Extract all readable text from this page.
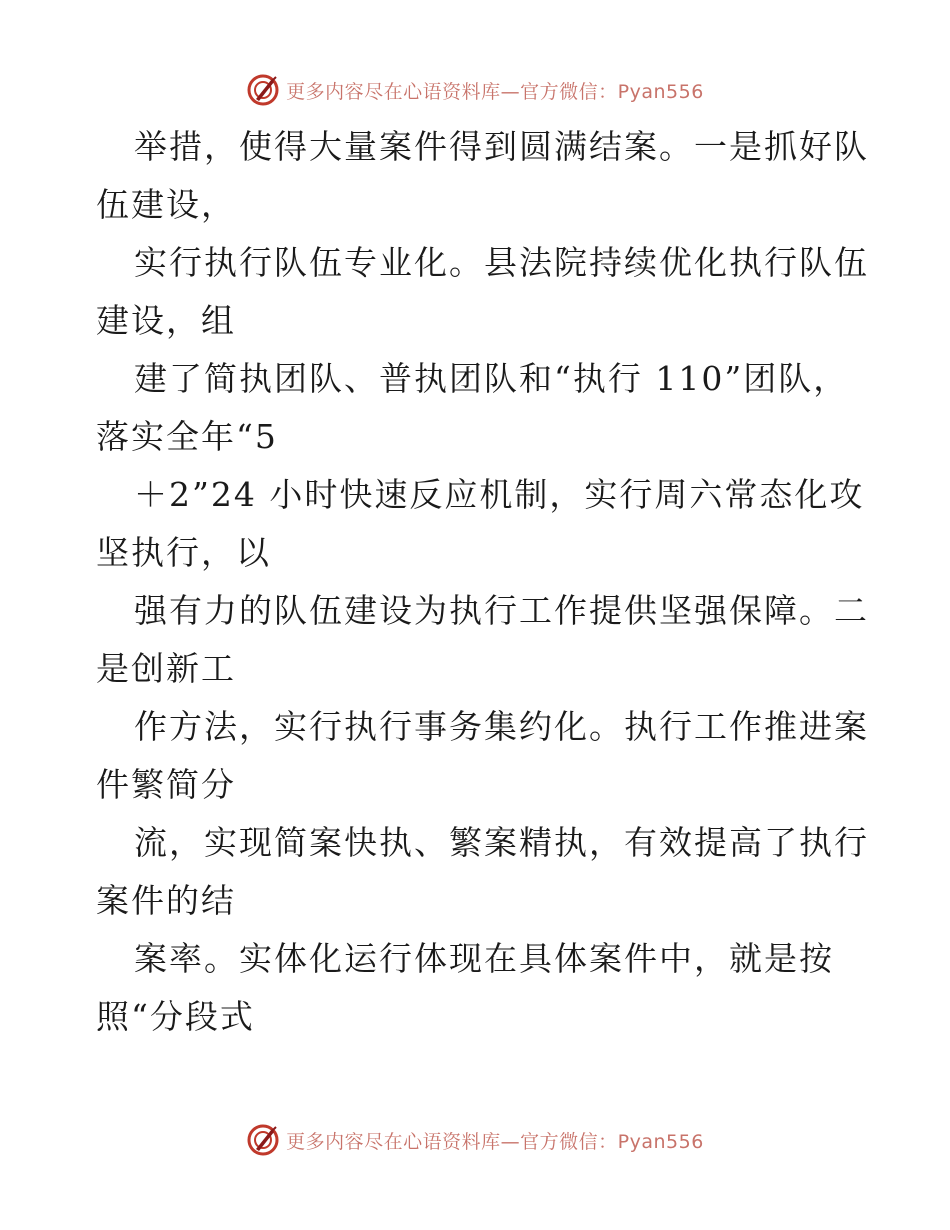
更多内容尽在心语资料库—官方微信：Pyan556
举措，使得大量案件得到圆满结案。一是抓好队
伍建设，
实行执行队伍专业化。县法院持续优化执行队伍
建设，组
建了简执团队、普执团队和“执行 110”团队，
落实全年“5
＋2”24 小时快速反应机制，实行周六常态化攻
坚执行，以
强有力的队伍建设为执行工作提供坚强保障。二
是创新工
作方法，实行执行事务集约化。执行工作推进案
件繁简分
流，实现简案快执、繁案精执，有效提高了执行
案件的结
案率。实体化运行体现在具体案件中，就是按
照“分段式
更多内容尽在心语资料库—官方微信：Pyan556
